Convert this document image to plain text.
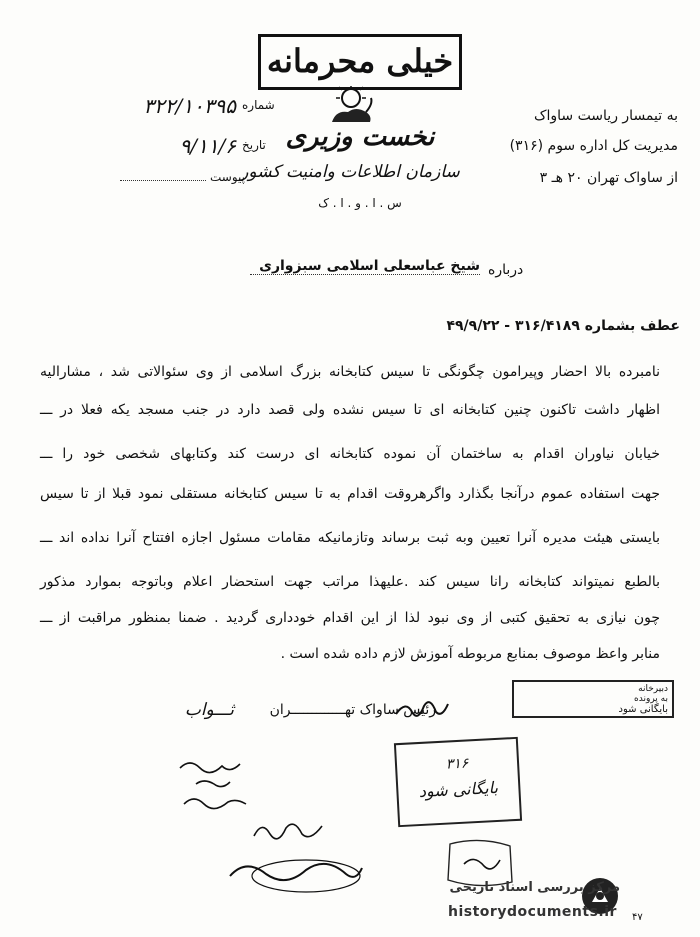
خیلی محرمانه
نخست وزیری
سازمان اطلاعات وامنیت کشور
س . ا . و . ا . ک
شماره
۳۲۲/۱۰۳۹۵
تاریخ
۹/۱۱/۶
پیوست
به تیمسار ریاست ساواک
مدیریت کل اداره سوم (۳۱۶)
از ساواک تهران ۲۰ هـ ۳
درباره
شیخ عباسعلی اسلامی سبزواری
عطف بشماره ۳۱۶/۴۱۸۹ - ۴۹/۹/۲۲
نامبرده بالا احضار وپیرامون چگونگی تا سیس کتابخانه بزرگ اسلامی از وی سئوالاتی شد ، مشارالیه
اظهار داشت تاکنون چنین کتابخانه ای تا سیس نشده ولی قصد دارد در جنب مسجد یکه فعلا در ـــ
خیابان نیاوران اقدام به ساختمان آن نموده کتابخانه ای درست کند وکتابهای شخصی خود را ـــ
جهت استفاده عموم درآنجا بگذارد واگرهروقت اقدام به تا سیس کتابخانه مستقلی نمود قبلا از تا سیس
بایستی هیئت مدیره آنرا تعیین وبه ثبت برساند وتازمانیکه مقامات مسئول اجازه افتتاح آنرا نداده اند ـــ
بالطبع نمیتواند کتابخانه رانا سیس کند .علیهذا مراتب جهت استحضار اعلام وباتوجه بموارد مذکور
چون نیازی به تحقیق کتبی از وی نبود لذا از این اقدام خودداری گردید . ضمنا بمنظور مراقبت از ـــ
منابر واعظ موصوف بمنابع مربوطه آموزش لازم داده شده است .
رئیس ساواک تهـــــــــــــران
ثـــواب
دبیرخانه
به پرونده
بایگانی شود
۳۱۶
بایگانی شود
مرکز بررسی اسناد تاریخی
historydocuments.ir	۴۷
